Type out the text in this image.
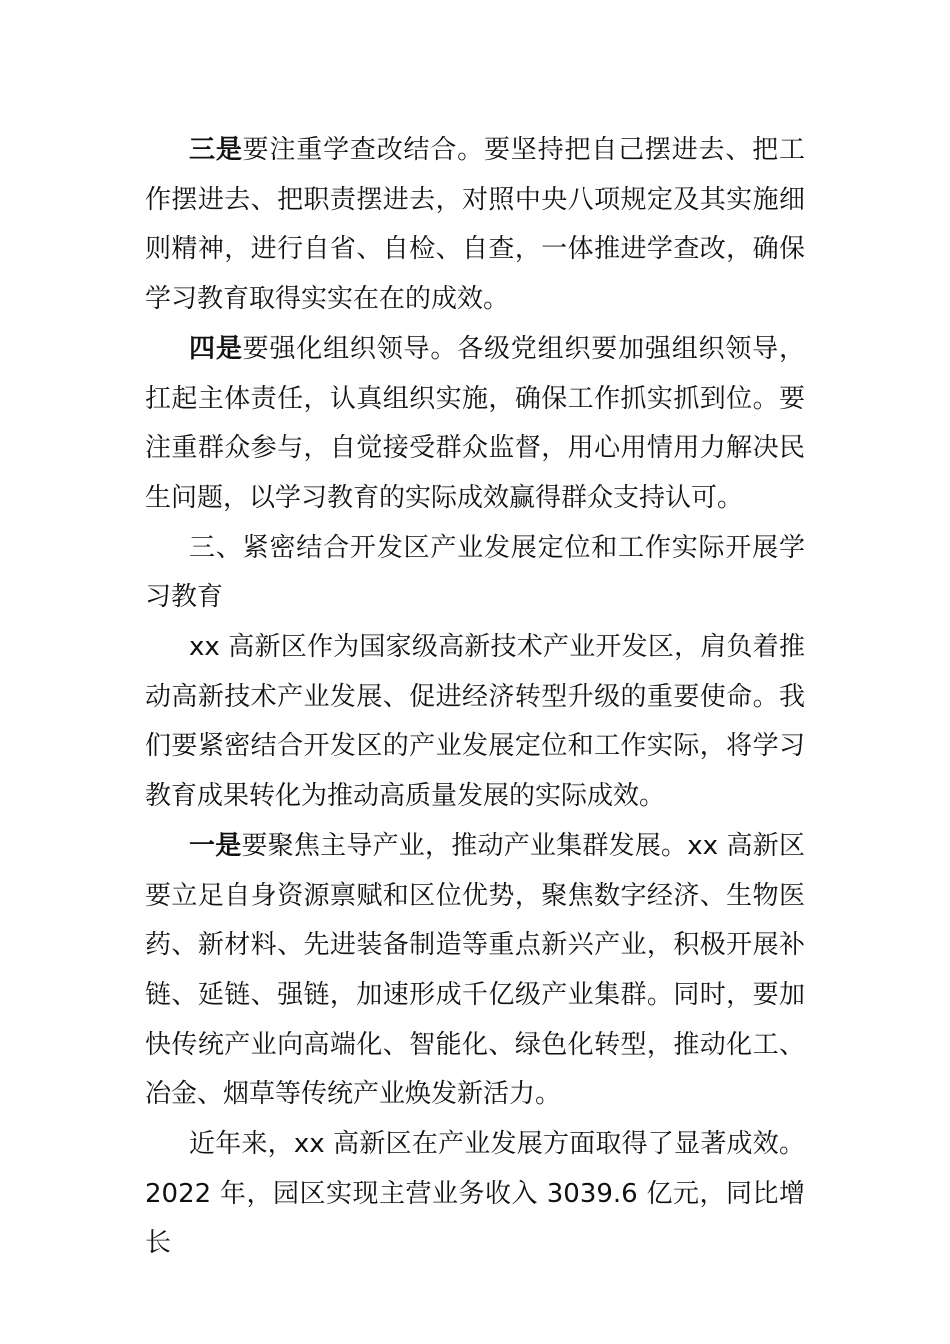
三是要注重学查改结合。要坚持把自己摆进去、把工作摆进去、把职责摆进去，对照中央八项规定及其实施细则精神，进行自省、自检、自查，一体推进学查改，确保学习教育取得实实在在的成效。

四是要强化组织领导。各级党组织要加强组织领导，扛起主体责任，认真组织实施，确保工作抓实抓到位。要注重群众参与，自觉接受群众监督，用心用情用力解决民生问题，以学习教育的实际成效赢得群众支持认可。

三、紧密结合开发区产业发展定位和工作实际开展学习教育

xx 高新区作为国家级高新技术产业开发区，肩负着推动高新技术产业发展、促进经济转型升级的重要使命。我们要紧密结合开发区的产业发展定位和工作实际，将学习教育成果转化为推动高质量发展的实际成效。

一是要聚焦主导产业，推动产业集群发展。xx 高新区要立足自身资源禀赋和区位优势，聚焦数字经济、生物医药、新材料、先进装备制造等重点新兴产业，积极开展补链、延链、强链，加速形成千亿级产业集群。同时，要加快传统产业向高端化、智能化、绿色化转型，推动化工、冶金、烟草等传统产业焕发新活力。

近年来，xx 高新区在产业发展方面取得了显著成效。2022 年，园区实现主营业务收入 3039.6 亿元，同比增长
